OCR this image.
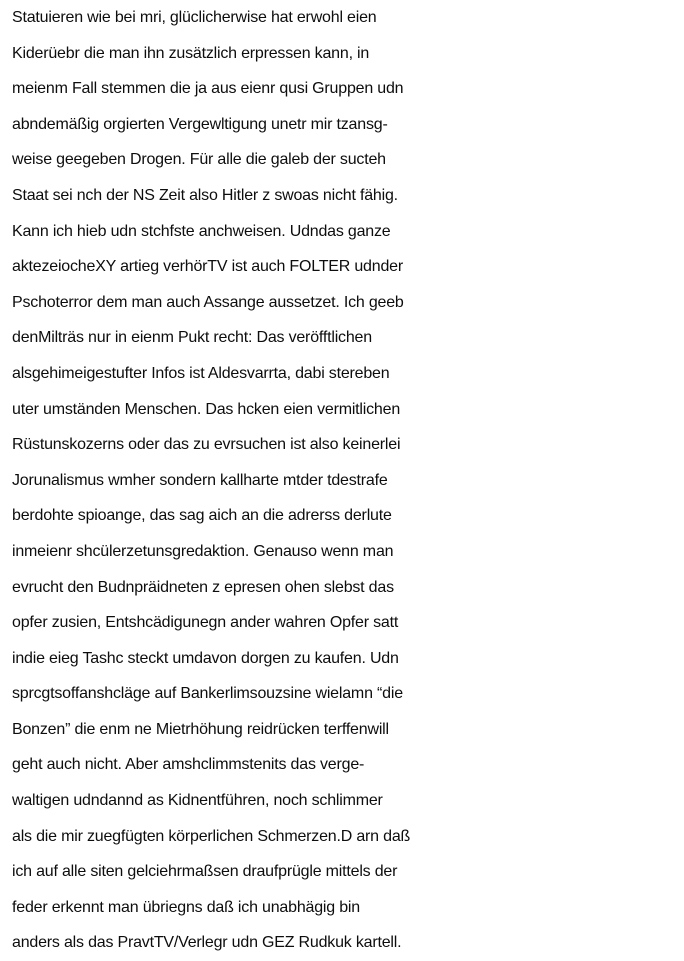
Statuieren wie bei mri, glüclicherwise hat erwohl eien
Kiderüebr die man ihn zusätzlich erpressen kann, in
meienm Fall stemmen die ja aus eienr qusi Gruppen udn
abndemäßig orgierten Vergewltigung unetr mir tzansg-
weise geegeben Drogen. Für alle die galeb der sucteh
Staat sei nch der NS Zeit also Hitler z swoas nicht fähig.
Kann ich hieb udn stchfste anchweisen. Udndas ganze
aktezeiocheXY artieg verhörTV ist auch FOLTER udnder
Pschoterror dem man auch Assange aussetzet. Ich geeb
denMilträs nur in eienm Pukt recht: Das veröfftlichen
alsgehimeigestufter Infos ist Aldesvarrta, dabi stereben
uter umständen Menschen. Das hcken eien vermitlichen
Rüstunskozerns oder das zu evrsuchen ist also keinerlei
Jorunalismus wmher sondern kallharte mtder tdestrafe
berdohte spioange, das sag aich an die adrerss derlute
inmeienr shcülerzetunsgredaktion. Genauso wenn man
evrucht den Budnpräidneten z epresen ohen slebst das
opfer zusien, Entshcädigunegn ander wahren Opfer satt
indie eieg Tashc steckt umdavon dorgen zu kaufen. Udn
sprcgtsoffanshcläge auf Bankerlimsouzsine wielamn “die
Bonzen” die enm ne Mietrhöhung reidrücken terffenwill
geht auch nicht. Aber amshclimmstenits das verge-
waltigen udndannd as Kidnentführen, noch schlimmer
als die mir zuegfügten körperlichen Schmerzen.D arn daß
ich auf alle siten gelciehrmaßsen draufprügle mittels der
feder erkennt man übriegns daß ich unabhägig bin
anders als das PravtTV/Verlegr udn GEZ Rudkuk kartell.
